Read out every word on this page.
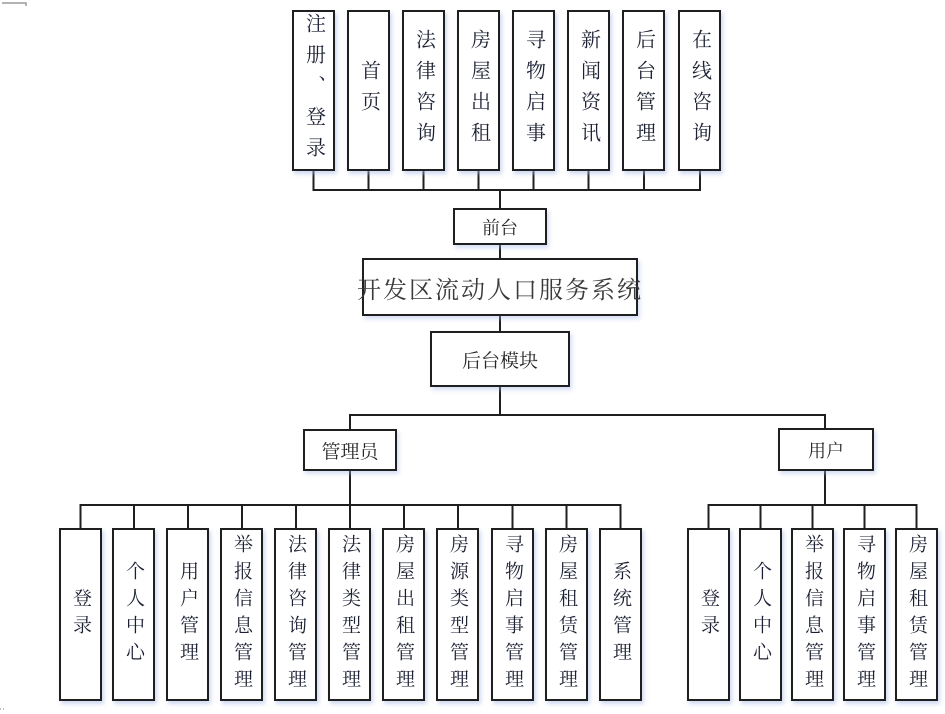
注册、登录 首页 法律咨询 房屋出租 寻物启事 新闻资讯 后台管理 在线咨询
前台
开发区流动人口服务系统
后台模块
管理员	用户
登录 个人中心 用户管理 举报信息管理 法律咨询管理 法律类型管理 房屋出租管理 房源类型管理 寻物启事管理 房屋租赁管理 系统管理	登录 个人中心 举报信息管理 寻物启事管理 房屋租赁管理
